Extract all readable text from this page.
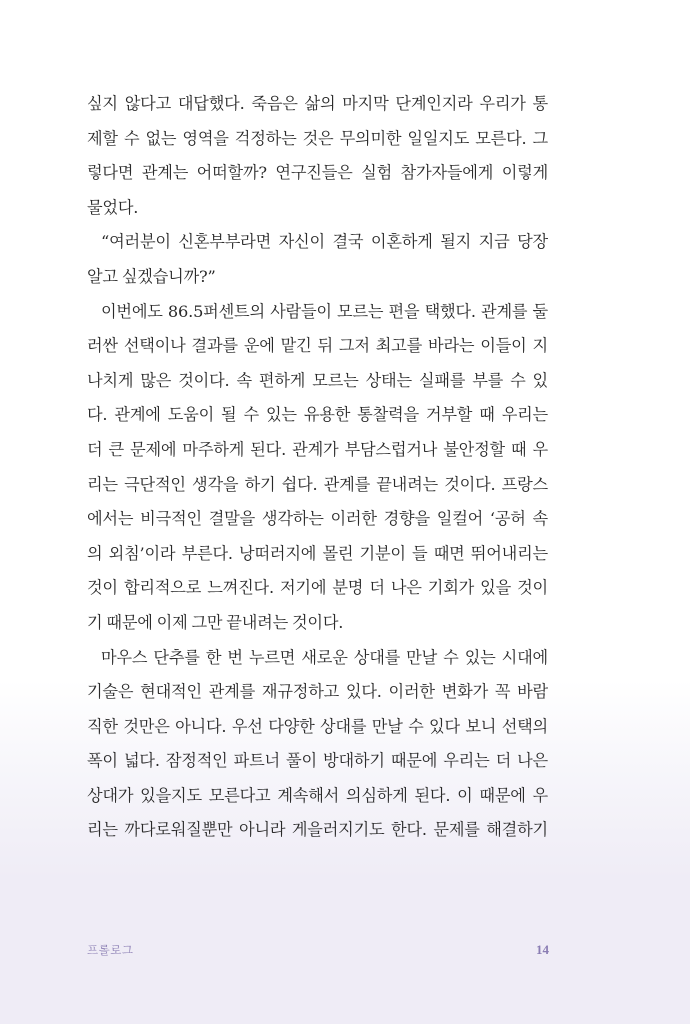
싶지 않다고 대답했다. 죽음은 삶의 마지막 단계인지라 우리가 통
제할 수 없는 영역을 걱정하는 것은 무의미한 일일지도 모른다. 그
렇다면 관계는 어떠할까? 연구진들은 실험 참가자들에게 이렇게
물었다.
“여러분이 신혼부부라면 자신이 결국 이혼하게 될지 지금 당장
알고 싶겠습니까?”
이번에도 86.5퍼센트의 사람들이 모르는 편을 택했다. 관계를 둘
러싼 선택이나 결과를 운에 맡긴 뒤 그저 최고를 바라는 이들이 지
나치게 많은 것이다. 속 편하게 모르는 상태는 실패를 부를 수 있
다. 관계에 도움이 될 수 있는 유용한 통찰력을 거부할 때 우리는
더 큰 문제에 마주하게 된다. 관계가 부담스럽거나 불안정할 때 우
리는 극단적인 생각을 하기 쉽다. 관계를 끝내려는 것이다. 프랑스
에서는 비극적인 결말을 생각하는 이러한 경향을 일컬어 ‘공허 속
의 외침’이라 부른다. 낭떠러지에 몰린 기분이 들 때면 뛰어내리는
것이 합리적으로 느껴진다. 저기에 분명 더 나은 기회가 있을 것이
기 때문에 이제 그만 끝내려는 것이다.
마우스 단추를 한 번 누르면 새로운 상대를 만날 수 있는 시대에
기술은 현대적인 관계를 재규정하고 있다. 이러한 변화가 꼭 바람
직한 것만은 아니다. 우선 다양한 상대를 만날 수 있다 보니 선택의
폭이 넓다. 잠정적인 파트너 풀이 방대하기 때문에 우리는 더 나은
상대가 있을지도 모른다고 계속해서 의심하게 된다. 이 때문에 우
리는 까다로워질뿐만 아니라 게을러지기도 한다. 문제를 해결하기
프롤로그	14
